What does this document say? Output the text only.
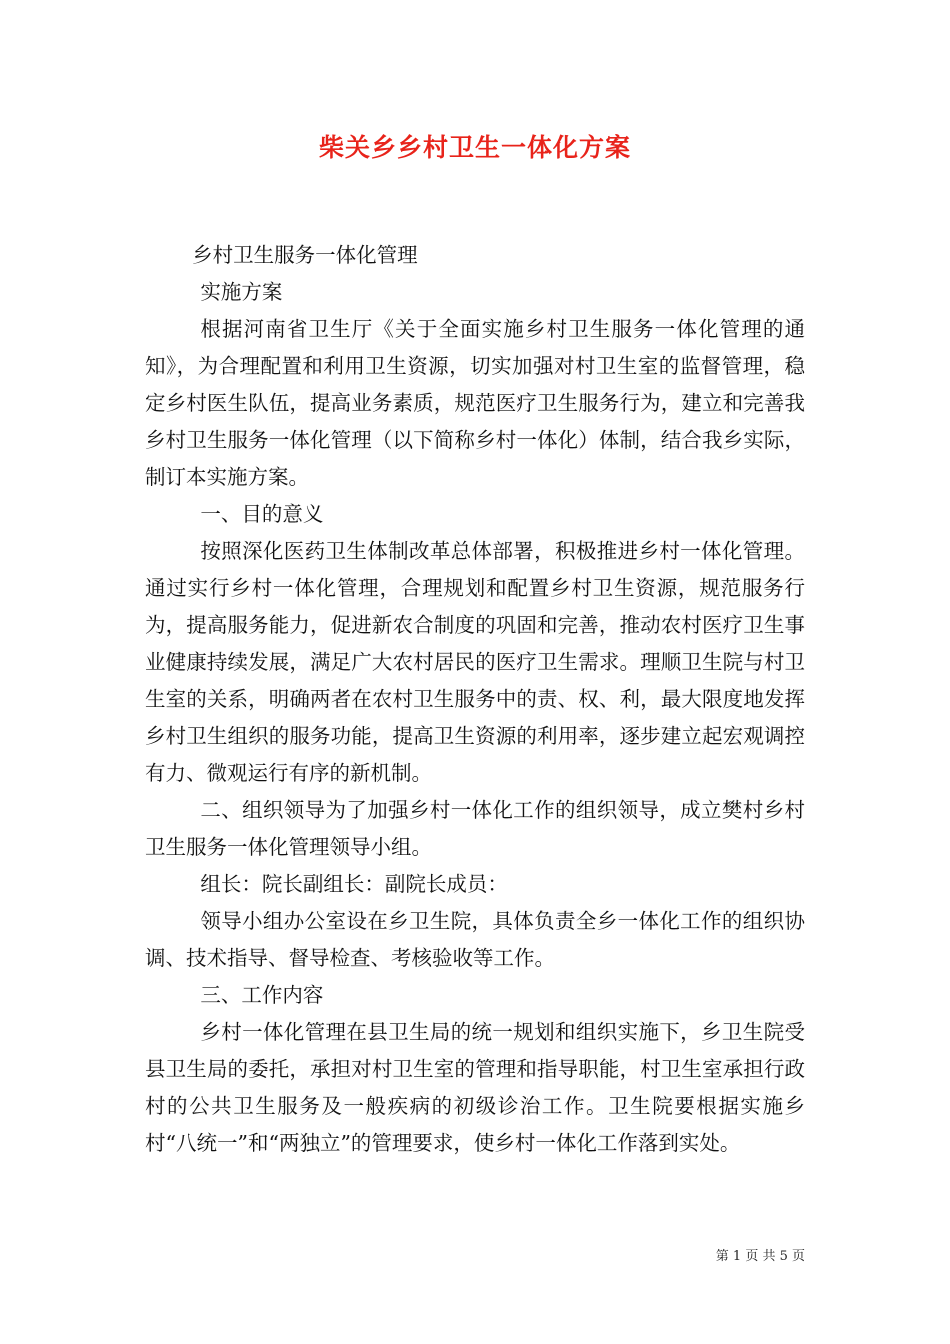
柴关乡乡村卫生一体化方案

乡村卫生服务一体化管理

实施方案

根据河南省卫生厅《关于全面实施乡村卫生服务一体化管理的通知》，为合理配置和利用卫生资源，切实加强对村卫生室的监督管理，稳定乡村医生队伍，提高业务素质，规范医疗卫生服务行为，建立和完善我乡村卫生服务一体化管理（以下简称乡村一体化）体制，结合我乡实际，制订本实施方案。

一、目的意义

按照深化医药卫生体制改革总体部署，积极推进乡村一体化管理。通过实行乡村一体化管理，合理规划和配置乡村卫生资源，规范服务行为，提高服务能力，促进新农合制度的巩固和完善，推动农村医疗卫生事业健康持续发展，满足广大农村居民的医疗卫生需求。理顺卫生院与村卫生室的关系，明确两者在农村卫生服务中的责、权、利，最大限度地发挥乡村卫生组织的服务功能，提高卫生资源的利用率，逐步建立起宏观调控有力、微观运行有序的新机制。

二、组织领导为了加强乡村一体化工作的组织领导，成立樊村乡村卫生服务一体化管理领导小组。

组长：院长副组长：副院长成员：

领导小组办公室设在乡卫生院，具体负责全乡一体化工作的组织协调、技术指导、督导检查、考核验收等工作。

三、工作内容

乡村一体化管理在县卫生局的统一规划和组织实施下，乡卫生院受县卫生局的委托，承担对村卫生室的管理和指导职能，村卫生室承担行政村的公共卫生服务及一般疾病的初级诊治工作。卫生院要根据实施乡村“八统一”和“两独立”的管理要求，使乡村一体化工作落到实处。

第 1 页 共 5 页
